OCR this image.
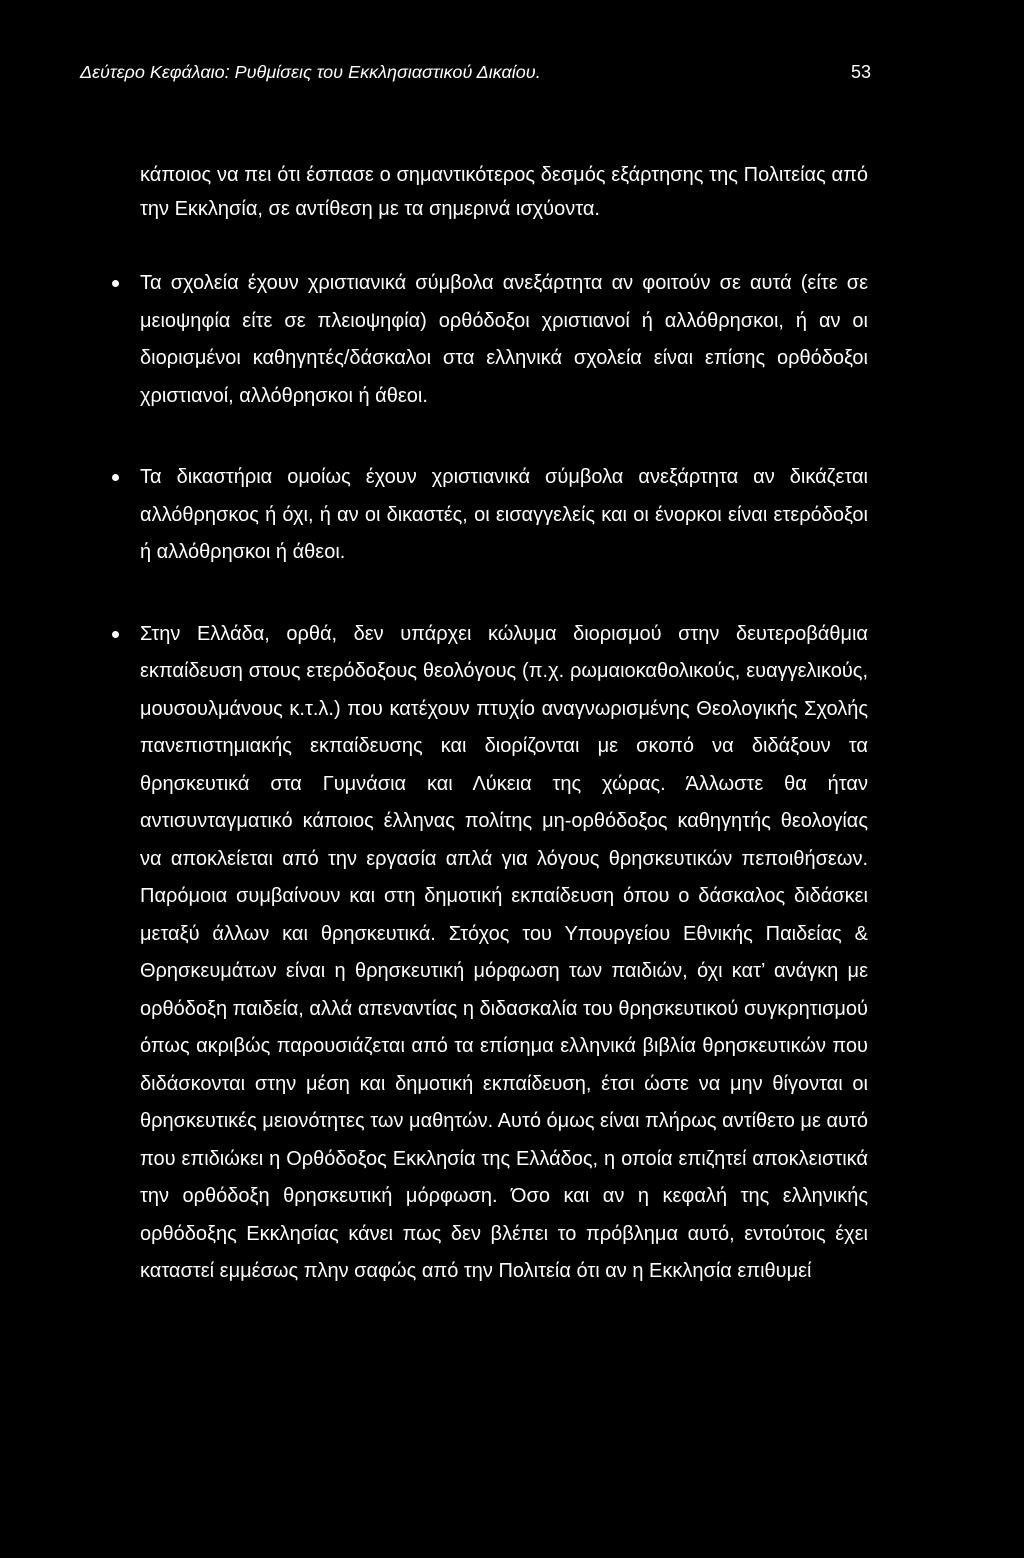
Δεύτερο Κεφάλαιο: Ρυθμίσεις του Εκκλησιαστικού Δικαίου.	53

κάποιος να πει ότι έσπασε ο σημαντικότερος δεσμός εξάρτησης της Πολιτείας από την Εκκλησία, σε αντίθεση με τα σημερινά ισχύοντα.

Τα σχολεία έχουν χριστιανικά σύμβολα ανεξάρτητα αν φοιτούν σε αυτά (είτε σε μειοψηφία είτε σε πλειοψηφία) ορθόδοξοι χριστιανοί ή αλλόθρησκοι, ή αν οι διορισμένοι καθηγητές/δάσκαλοι στα ελληνικά σχολεία είναι επίσης ορθόδοξοι χριστιανοί, αλλόθρησκοι ή άθεοι.
Τα δικαστήρια ομοίως έχουν χριστιανικά σύμβολα ανεξάρτητα αν δικάζεται αλλόθρησκος ή όχι, ή αν οι δικαστές, οι εισαγγελείς και οι ένορκοι είναι ετερόδοξοι ή αλλόθρησκοι ή άθεοι.
Στην Ελλάδα, ορθά, δεν υπάρχει κώλυμα διορισμού στην δευτεροβάθμια εκπαίδευση στους ετερόδοξους θεολόγους (π.χ. ρωμαιοκαθολικούς, ευαγγελικούς, μουσουλμάνους κ.τ.λ.) που κατέχουν πτυχίο αναγνωρισμένης Θεολογικής Σχολής πανεπιστημιακής εκπαίδευσης και διορίζονται με σκοπό να διδάξουν τα θρησκευτικά στα Γυμνάσια και Λύκεια της χώρας. Άλλωστε θα ήταν αντισυνταγματικό κάποιος έλληνας πολίτης μη-ορθόδοξος καθηγητής θεολογίας να αποκλείεται από την εργασία απλά για λόγους θρησκευτικών πεποιθήσεων. Παρόμοια συμβαίνουν και στη δημοτική εκπαίδευση όπου ο δάσκαλος διδάσκει μεταξύ άλλων και θρησκευτικά. Στόχος του Υπουργείου Εθνικής Παιδείας & Θρησκευμάτων είναι η θρησκευτική μόρφωση των παιδιών, όχι κατ’ ανάγκη με ορθόδοξη παιδεία, αλλά απεναντίας η διδασκαλία του θρησκευτικού συγκρητισμού όπως ακριβώς παρουσιάζεται από τα επίσημα ελληνικά βιβλία θρησκευτικών που διδάσκονται στην μέση και δημοτική εκπαίδευση, έτσι ώστε να μην θίγονται οι θρησκευτικές μειονότητες των μαθητών. Αυτό όμως είναι πλήρως αντίθετο με αυτό που επιδιώκει η Ορθόδοξος Εκκλησία της Ελλάδος, η οποία επιζητεί αποκλειστικά την ορθόδοξη θρησκευτική μόρφωση. Όσο και αν η κεφαλή της ελληνικής ορθόδοξης Εκκλησίας κάνει πως δεν βλέπει το πρόβλημα αυτό, εντούτοις έχει καταστεί εμμέσως πλην σαφώς από την Πολιτεία ότι αν η Εκκλησία επιθυμεί
